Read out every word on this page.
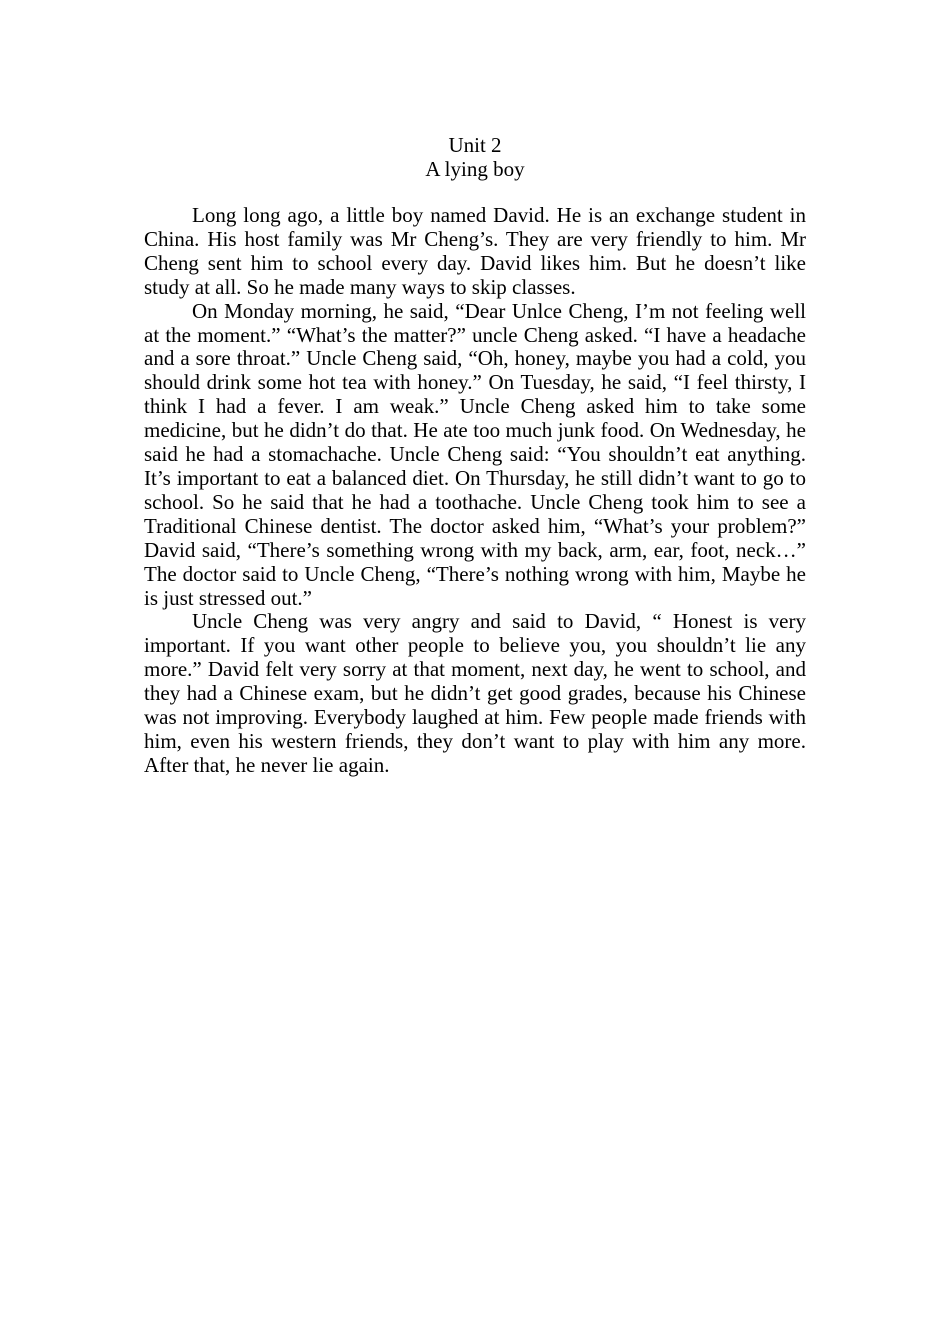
Unit 2
A lying boy

Long long ago, a little boy named David. He is an exchange student in China. His host family was Mr Cheng’s. They are very friendly to him. Mr Cheng sent him to school every day. David likes him. But he doesn’t like study at all. So he made many ways to skip classes.

On Monday morning, he said, “Dear Unlce Cheng, I’m not feeling well at the moment.” “What’s the matter?” uncle Cheng asked. “I have a headache and a sore throat.” Uncle Cheng said, “Oh, honey, maybe you had a cold, you should drink some hot tea with honey.” On Tuesday, he said, “I feel thirsty, I think I had a fever. I am weak.” Uncle Cheng asked him to take some medicine, but he didn’t do that. He ate too much junk food. On Wednesday, he said he had a stomachache. Uncle Cheng said: “You shouldn’t eat anything. It’s important to eat a balanced diet. On Thursday, he still didn’t want to go to school. So he said that he had a toothache. Uncle Cheng took him to see a Traditional Chinese dentist. The doctor asked him, “What’s your problem?” David said, “There’s something wrong with my back, arm, ear, foot, neck…” The doctor said to Uncle Cheng, “There’s nothing wrong with him, Maybe he is just stressed out.”

Uncle Cheng was very angry and said to David, “ Honest is very important. If you want other people to believe you, you shouldn’t lie any more.” David felt very sorry at that moment, next day, he went to school, and they had a Chinese exam, but he didn’t get good grades, because his Chinese was not improving. Everybody laughed at him. Few people made friends with him, even his western friends, they don’t want to play with him any more. After that, he never lie again.
